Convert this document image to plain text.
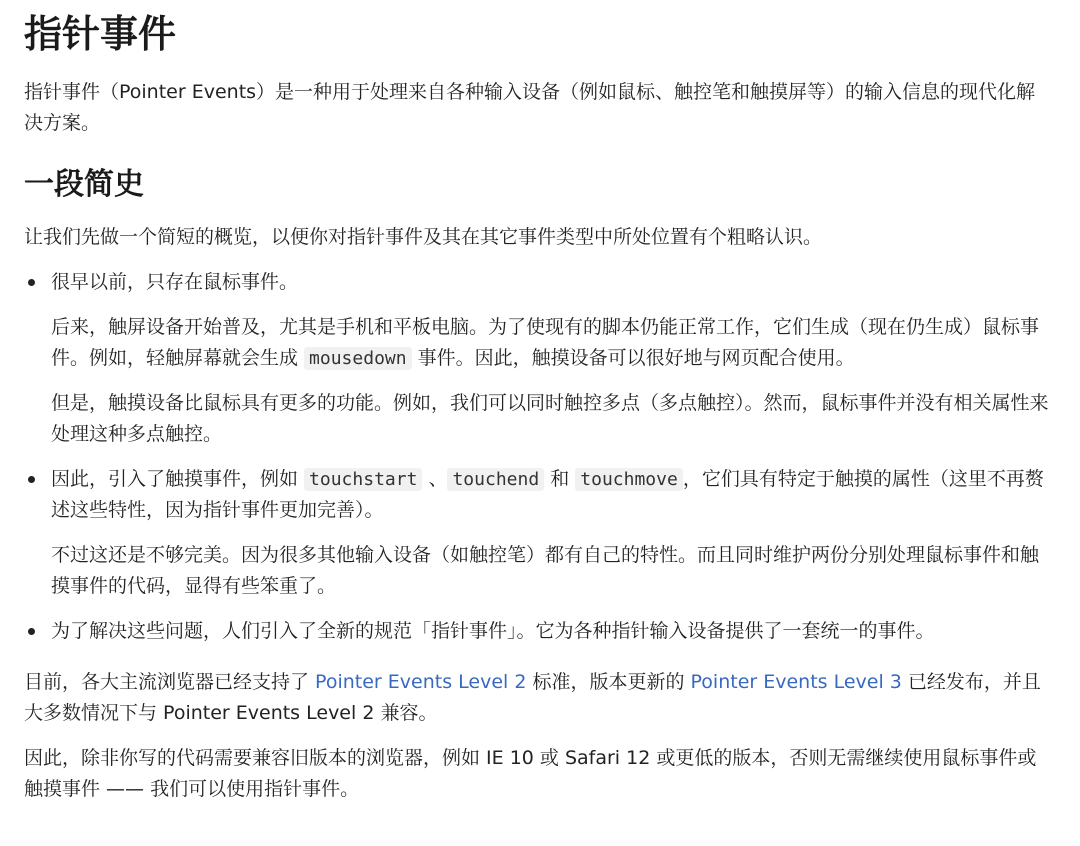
指针事件

指针事件（Pointer Events）是一种用于处理来自各种输入设备（例如鼠标、触控笔和触摸屏等）的输入信息的现代化解决方案。

一段简史

让我们先做一个简短的概览，以便你对指针事件及其在其它事件类型中所处位置有个粗略认识。

很早以前，只存在鼠标事件。

后来，触屏设备开始普及，尤其是手机和平板电脑。为了使现有的脚本仍能正常工作，它们生成（现在仍生成）鼠标事件。例如，轻触屏幕就会生成 mousedown 事件。因此，触摸设备可以很好地与网页配合使用。

但是，触摸设备比鼠标具有更多的功能。例如，我们可以同时触控多点（多点触控）。然而，鼠标事件并没有相关属性来处理这种多点触控。

因此，引入了触摸事件，例如 touchstart 、 touchend 和 touchmove ，它们具有特定于触摸的属性（这里不再赘述这些特性，因为指针事件更加完善）。

不过这还是不够完美。因为很多其他输入设备（如触控笔）都有自己的特性。而且同时维护两份分别处理鼠标事件和触摸事件的代码，显得有些笨重了。

为了解决这些问题，人们引入了全新的规范「指针事件」。它为各种指针输入设备提供了一套统一的事件。

目前，各大主流浏览器已经支持了 Pointer Events Level 2 标准，版本更新的 Pointer Events Level 3 已经发布，并且大多数情况下与 Pointer Events Level 2 兼容。

因此，除非你写的代码需要兼容旧版本的浏览器，例如 IE 10 或 Safari 12 或更低的版本，否则无需继续使用鼠标事件或触摸事件 —— 我们可以使用指针事件。
